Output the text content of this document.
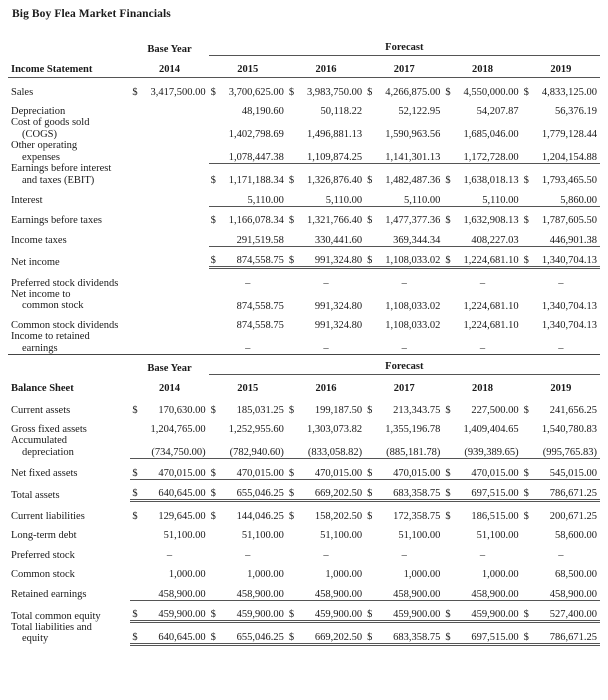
Big Boy Flea Market Financials
	Base Year	Forecast				
Income Statement	2014	2015	2016	2017	2018	2019

Sales	$ 3,417,500.00	$ 3,700,625.00	$ 3,983,750.00	$ 4,266,875.00	$ 4,550,000.00	$ 4,833,125.00
Depreciation		48,190.60	50,118.22	52,122.95	54,207.87	56,376.19

Cost of goods sold
(COGS)		1,402,798.69	1,496,881.13	1,590,963.56	1,685,046.00	1,779,128.44

Other operating
expenses		1,078,447.38	1,109,874.25	1,141,301.13	1,172,728.00	1,204,154.88

Earnings before interest
and taxes (EBIT)		$ 1,171,188.34	$ 1,326,876.40	$ 1,482,487.36	$ 1,638,018.13	$ 1,793,465.50
Interest		5,110.00	5,110.00	5,110.00	5,110.00	5,860.00
Earnings before taxes		$ 1,166,078.34	$ 1,321,766.40	$ 1,477,377.36	$ 1,632,908.13	$ 1,787,605.50
Income taxes		291,519.58	330,441.60	369,344.34	408,227.03	446,901.38
Net income		$ 874,558.75	$ 991,324.80	$ 1,108,033.02	$ 1,224,681.10	$ 1,340,704.13
Preferred stock dividends		–	–	–	–	–

Net income to
common stock		874,558.75	991,324.80	1,108,033.02	1,224,681.10	1,340,704.13
Common stock dividends		874,558.75	991,324.80	1,108,033.02	1,224,681.10	1,340,704.13

Income to retained
earnings		–	–	–	–	–
	Base Year	Forecast				
Balance Sheet	2014	2015	2016	2017	2018	2019
Current assets	$ 170,630.00	$ 185,031.25	$ 199,187.50	$ 213,343.75	$ 227,500.00	$ 241,656.25
Gross fixed assets	1,204,765.00	1,252,955.60	1,303,073.82	1,355,196.78	1,409,404.65	1,540,780.83

Accumulated
depreciation	(734,750.00)	(782,940.60)	(833,058.82)	(885,181.78)	(939,389.65)	(995,765.83)
Net fixed assets	$ 470,015.00	$ 470,015.00	$ 470,015.00	$ 470,015.00	$ 470,015.00	$ 545,015.00
Total assets	$ 640,645.00	$ 655,046.25	$ 669,202.50	$ 683,358.75	$ 697,515.00	$ 786,671.25
Current liabilities	$ 129,645.00	$ 144,046.25	$ 158,202.50	$ 172,358.75	$ 186,515.00	$ 200,671.25
Long-term debt	51,100.00	51,100.00	51,100.00	51,100.00	51,100.00	58,600.00
Preferred stock	–	–	–	–	–	–
Common stock	1,000.00	1,000.00	1,000.00	1,000.00	1,000.00	68,500.00
Retained earnings	458,900.00	458,900.00	458,900.00	458,900.00	458,900.00	458,900.00
Total common equity	$ 459,900.00	$ 459,900.00	$ 459,900.00	$ 459,900.00	$ 459,900.00	$ 527,400.00

Total liabilities and
equity	$ 640,645.00	$ 655,046.25	$ 669,202.50	$ 683,358.75	$ 697,515.00	$ 786,671.25
